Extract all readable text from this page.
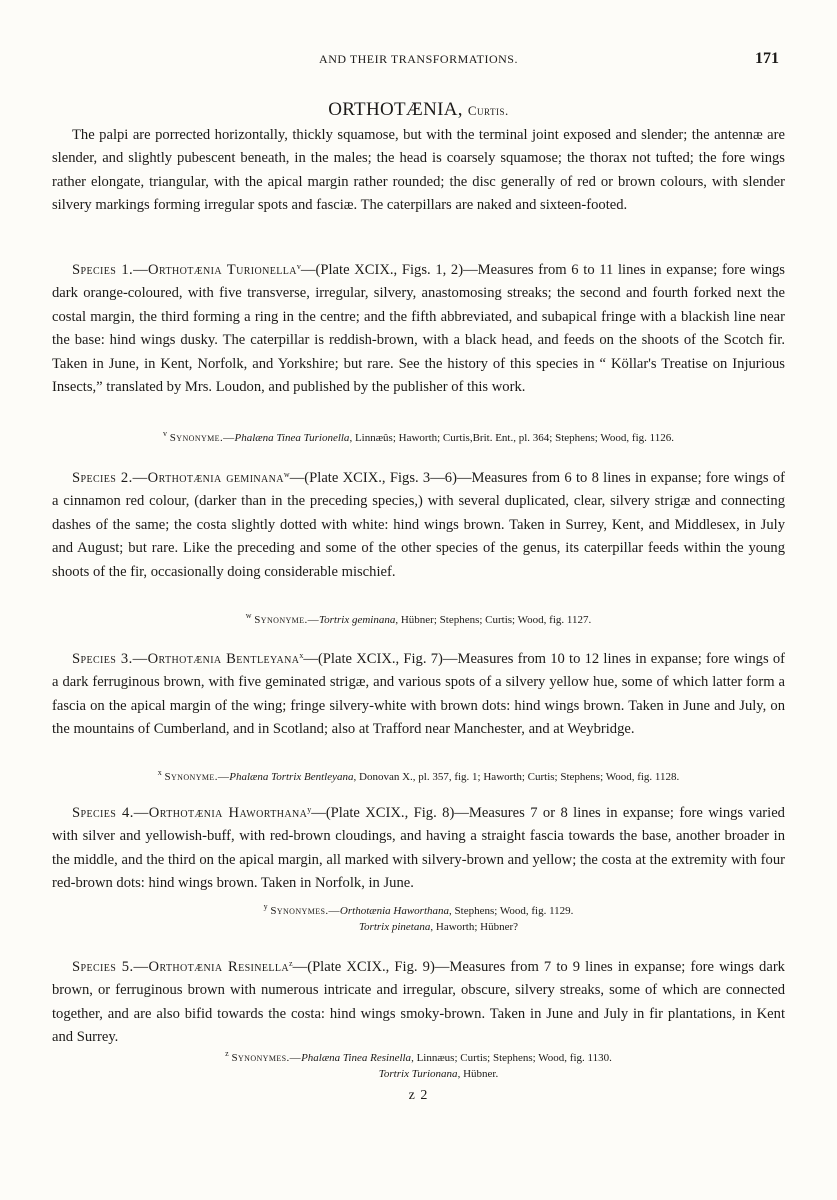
AND THEIR TRANSFORMATIONS.	171
ORTHOTÆNIA, Curtis.

The palpi are porrected horizontally, thickly squamose, but with the terminal joint exposed and slender; the antennæ are slender, and slightly pubescent beneath, in the males; the head is coarsely squamose; the thorax not tufted; the fore wings rather elongate, triangular, with the apical margin rather rounded; the disc generally of red or brown colours, with slender silvery markings forming irregular spots and fasciæ. The caterpillars are naked and sixteen-footed.

Species 1.—Orthotænia Turionella$^v$—(Plate XCIX., Figs. 1, 2)—Measures from 6 to 11 lines in expanse; fore wings dark orange-coloured, with five transverse, irregular, silvery, anastomosing streaks; the second and fourth forked next the costal margin, the third forming a ring in the centre; and the fifth abbreviated, and subapical fringe with a blackish line near the base: hind wings dusky. The caterpillar is reddish-brown, with a black head, and feeds on the shoots of the Scotch fir. Taken in June, in Kent, Norfolk, and Yorkshire; but rare. See the history of this species in “ Köllar's Treatise on Injurious Insects,” translated by Mrs. Loudon, and published by the publisher of this work.

$^v$ Synonyme.—Phalæna Tinea Turionella, Linnæûs; Haworth; Curtis,Brit. Ent., pl. 364; Stephens; Wood, fig. 1126.

Species 2.—Orthotænia geminana$^w$—(Plate XCIX., Figs. 3—6)—Measures from 6 to 8 lines in expanse; fore wings of a cinnamon red colour, (darker than in the preceding species,) with several duplicated, clear, silvery strigæ and connecting dashes of the same; the costa slightly dotted with white: hind wings brown. Taken in Surrey, Kent, and Middlesex, in July and August; but rare. Like the preceding and some of the other species of the genus, its caterpillar feeds within the young shoots of the fir, occasionally doing considerable mischief.

$^w$ Synonyme.—Tortrix geminana, Hübner; Stephens; Curtis; Wood, fig. 1127.

Species 3.—Orthotænia Bentleyana$^x$—(Plate XCIX., Fig. 7)—Measures from 10 to 12 lines in expanse; fore wings of a dark ferruginous brown, with five geminated strigæ, and various spots of a silvery yellow hue, some of which latter form a fascia on the apical margin of the wing; fringe silvery-white with brown dots: hind wings brown. Taken in June and July, on the mountains of Cumberland, and in Scotland; also at Trafford near Manchester, and at Weybridge.

$^x$ Synonyme.—Phalæna Tortrix Bentleyana, Donovan X., pl. 357, fig. 1; Haworth; Curtis; Stephens; Wood, fig. 1128.

Species 4.—Orthotænia Haworthana$^y$—(Plate XCIX., Fig. 8)—Measures 7 or 8 lines in expanse; fore wings varied with silver and yellowish-buff, with red-brown cloudings, and having a straight fascia towards the base, another broader in the middle, and the third on the apical margin, all marked with silvery-brown and yellow; the costa at the extremity with four red-brown dots: hind wings brown. Taken in Norfolk, in June.

$^y$ Synonymes.—Orthotænia Haworthana, Stephens; Wood, fig. 1129.
Tortrix pinetana, Haworth; Hübner?

Species 5.—Orthotænia Resinella$^z$—(Plate XCIX., Fig. 9)—Measures from 7 to 9 lines in expanse; fore wings dark brown, or ferruginous brown with numerous intricate and irregular, obscure, silvery streaks, some of which are connected together, and are also bifid towards the costa: hind wings smoky-brown. Taken in June and July in fir plantations, in Kent and Surrey.

$^z$ Synonymes.—Phalæna Tinea Resinella, Linnæus; Curtis; Stephens; Wood, fig. 1130.
Tortrix Turionana, Hübner.
z 2
